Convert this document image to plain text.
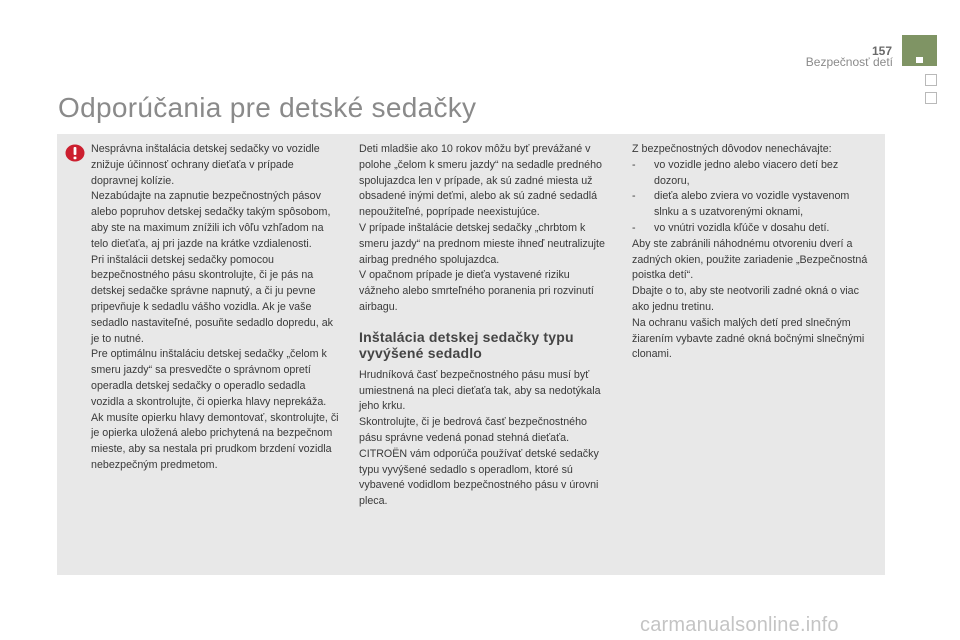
157
Bezpečnosť detí
Odporúčania pre detské sedačky

Nesprávna inštalácia detskej sedačky vo vozidle znižuje účinnosť ochrany dieťaťa v prípade dopravnej kolízie.

Nezabúdajte na zapnutie bezpečnostných pásov alebo popruhov detskej sedačky takým spôsobom, aby ste na maximum znížili ich vôľu vzhľadom na telo dieťaťa, aj pri jazde na krátke vzdialenosti.

Pri inštalácii detskej sedačky pomocou bezpečnostného pásu skontrolujte, či je pás na detskej sedačke správne napnutý, a či ju pevne pripevňuje k sedadlu vášho vozidla. Ak je vaše sedadlo nastaviteľné, posuňte sedadlo dopredu, ak je to nutné.

Pre optimálnu inštaláciu detskej sedačky „čelom k smeru jazdy“ sa presvedčte o správnom opretí operadla detskej sedačky o operadlo sedadla vozidla a skontrolujte, či opierka hlavy neprekáža.

Ak musíte opierku hlavy demontovať, skontrolujte, či je opierka uložená alebo prichytená na bezpečnom mieste, aby sa nestala pri prudkom brzdení vozidla nebezpečným predmetom.

Deti mladšie ako 10 rokov môžu byť prevážané v polohe „čelom k smeru jazdy“ na sedadle predného spolujazdca len v prípade, ak sú zadné miesta už obsadené inými deťmi, alebo ak sú zadné sedadlá nepoužiteľné, poprípade neexistujúce.

V prípade inštalácie detskej sedačky „chrbtom k smeru jazdy“ na prednom mieste ihneď neutralizujte airbag predného spolujazdca.

V opačnom prípade je dieťa vystavené riziku vážneho alebo smrteľného poranenia pri rozvinutí airbagu.

Inštalácia detskej sedačky typu vyvýšené sedadlo

Hrudníková časť bezpečnostného pásu musí byť umiestnená na pleci dieťaťa tak, aby sa nedotýkala jeho krku.

Skontrolujte, či je bedrová časť bezpečnostného pásu správne vedená ponad stehná dieťaťa.

CITROËN vám odporúča používať detské sedačky typu vyvýšené sedadlo s operadlom, ktoré sú vybavené vodidlom bezpečnostného pásu v úrovni pleca.

Z bezpečnostných dôvodov nenechávajte:

- vo vozidle jedno alebo viacero detí bez dozoru,
- dieťa alebo zviera vo vozidle vystavenom slnku a s uzatvorenými oknami,
- vo vnútri vozidla kľúče v dosahu detí.

Aby ste zabránili náhodnému otvoreniu dverí a zadných okien, použite zariadenie „Bezpečnostná poistka detí“.

Dbajte o to, aby ste neotvorili zadné okná o viac ako jednu tretinu.

Na ochranu vašich malých detí pred slnečným žiarením vybavte zadné okná bočnými slnečnými clonami.

carmanualsonline.info
